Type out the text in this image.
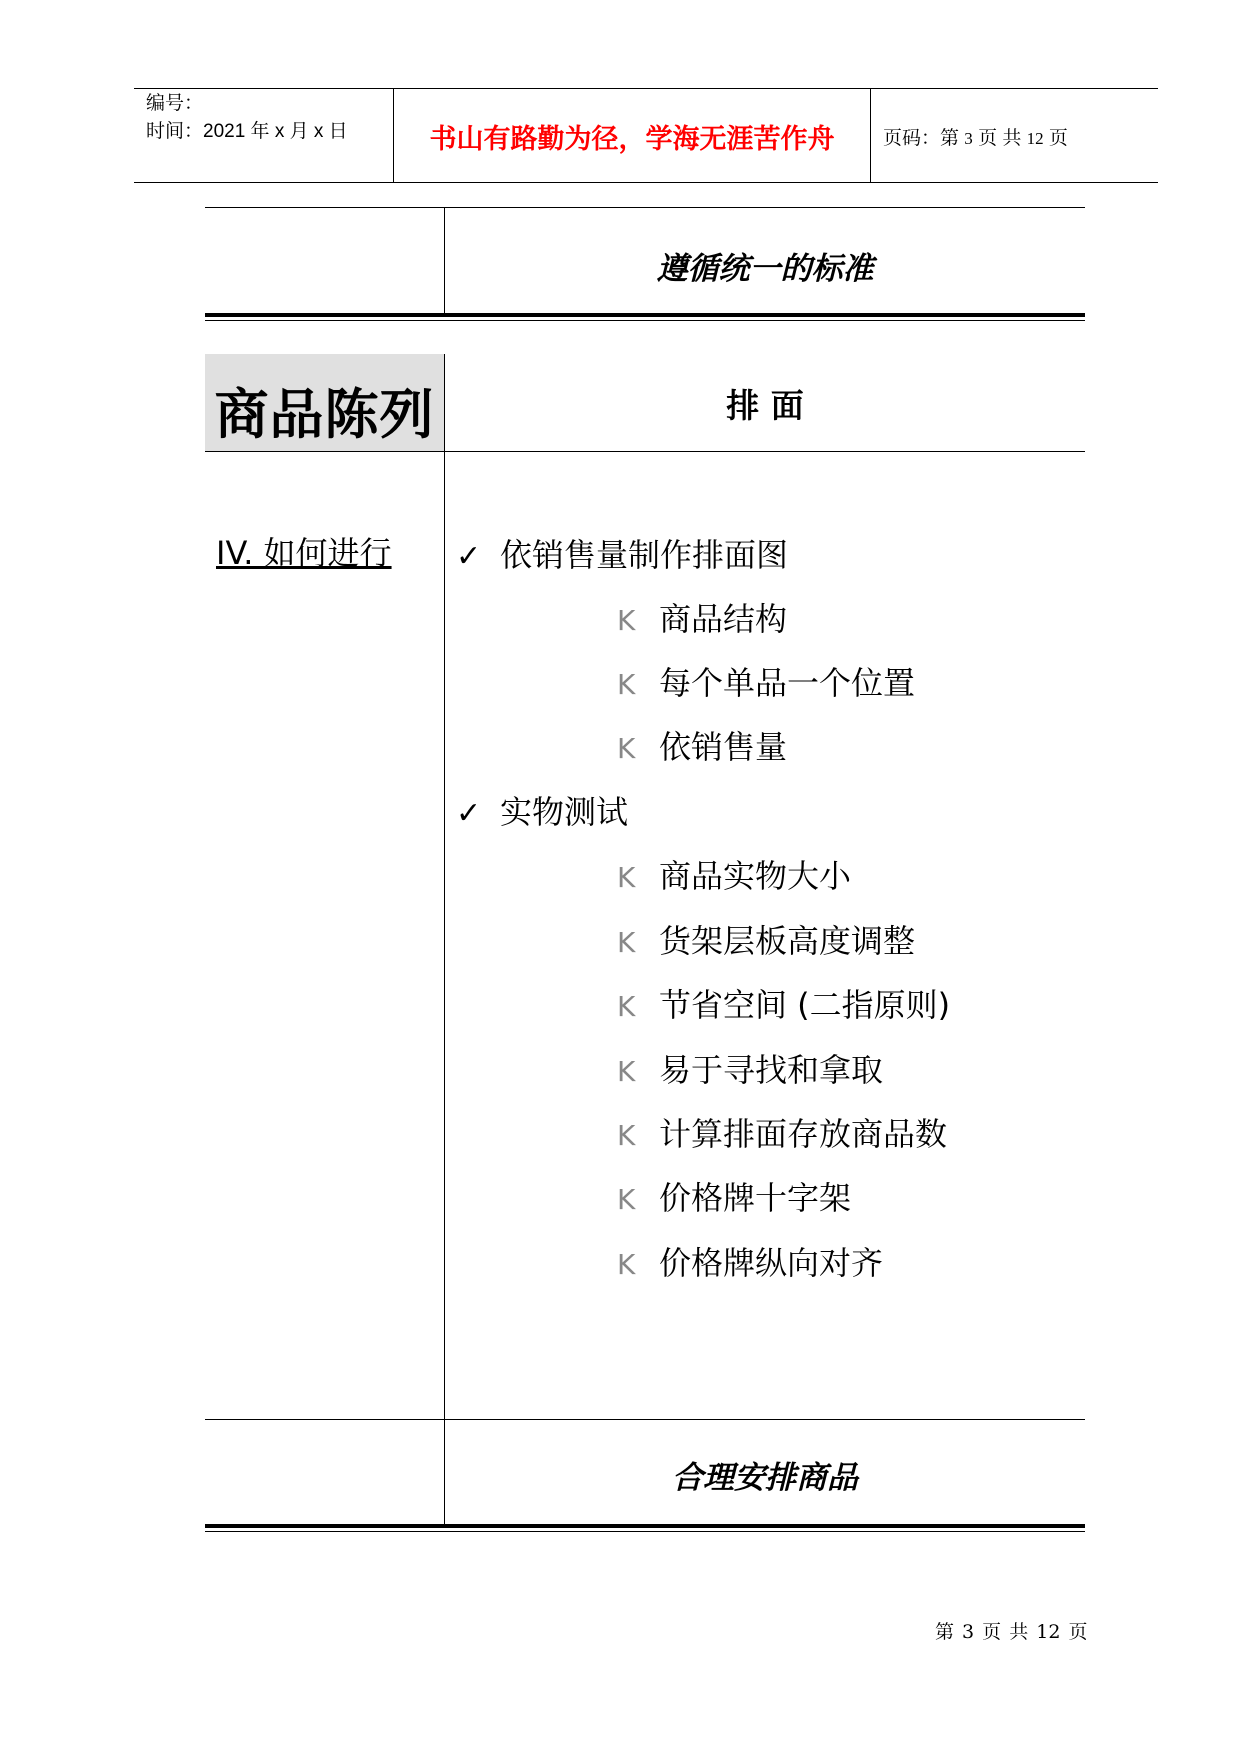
编号：
时间：2021 年 x 月 x 日	书山有路勤为径，学海无涯苦作舟	页码：第 3 页 共 12 页
遵循统一的标准
商品陈列	排 面
IV. 如何进行 ✓ 依销售量制作排面图
K 商品结构
K 每个单品一个位置
K 依销售量
✓ 实物测试
K 商品实物大小
K 货架层板高度调整
K 节省空间 (二指原则)
K 易于寻找和拿取
K 计算排面存放商品数
K 价格牌十字架
K 价格牌纵向对齐
合理安排商品
第 3 页 共 12 页
